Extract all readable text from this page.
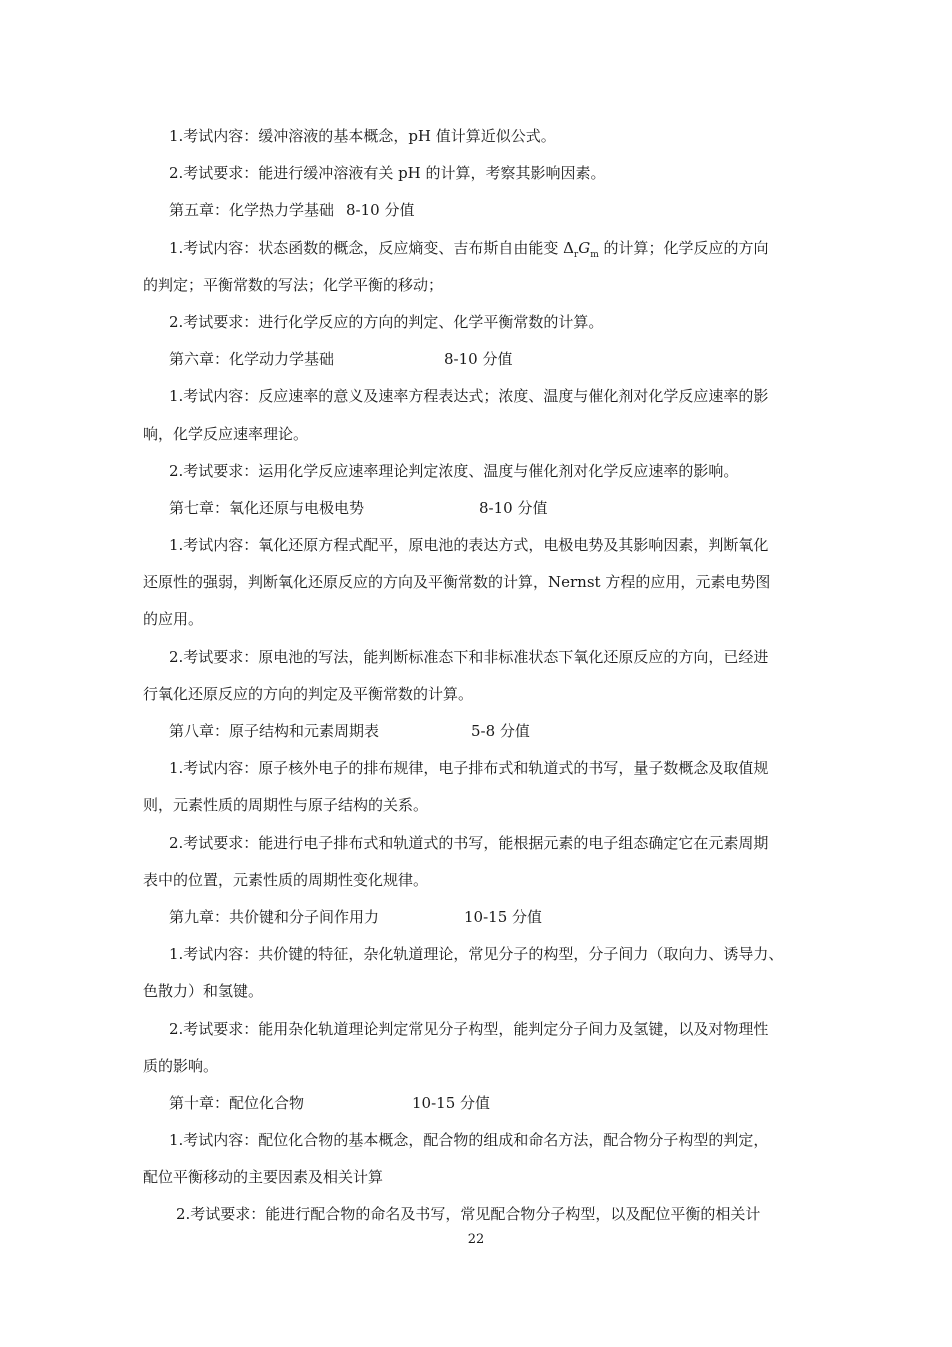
1.考试内容：缓冲溶液的基本概念，pH 值计算近似公式。
2.考试要求：能进行缓冲溶液有关 pH 的计算，考察其影响因素。
第五章：化学热力学基础 8-10 分值
1.考试内容：状态函数的概念，反应熵变、吉布斯自由能变 $\Delta_rG_m$ 的计算；化学反应的方向
的判定；平衡常数的写法；化学平衡的移动；
2.考试要求：进行化学反应的方向的判定、化学平衡常数的计算。
第六章：化学动力学基础	8-10 分值
1.考试内容：反应速率的意义及速率方程表达式；浓度、温度与催化剂对化学反应速率的影
响，化学反应速率理论。
2.考试要求：运用化学反应速率理论判定浓度、温度与催化剂对化学反应速率的影响。
第七章：氧化还原与电极电势	8-10 分值
1.考试内容：氧化还原方程式配平，原电池的表达方式，电极电势及其影响因素，判断氧化
还原性的强弱，判断氧化还原反应的方向及平衡常数的计算，Nernst 方程的应用，元素电势图
的应用。
2.考试要求：原电池的写法，能判断标准态下和非标准状态下氧化还原反应的方向，已经进
行氧化还原反应的方向的判定及平衡常数的计算。
第八章：原子结构和元素周期表	5-8 分值
1.考试内容：原子核外电子的排布规律，电子排布式和轨道式的书写，量子数概念及取值规
则，元素性质的周期性与原子结构的关系。
2.考试要求：能进行电子排布式和轨道式的书写，能根据元素的电子组态确定它在元素周期
表中的位置，元素性质的周期性变化规律。
第九章：共价键和分子间作用力	10-15 分值
1.考试内容：共价键的特征，杂化轨道理论，常见分子的构型，分子间力（取向力、诱导力、
色散力）和氢键。
2.考试要求：能用杂化轨道理论判定常见分子构型，能判定分子间力及氢键，以及对物理性
质的影响。
第十章：配位化合物	10-15 分值
1.考试内容：配位化合物的基本概念，配合物的组成和命名方法，配合物分子构型的判定，
配位平衡移动的主要因素及相关计算
2.考试要求：能进行配合物的命名及书写，常见配合物分子构型，以及配位平衡的相关计
22
